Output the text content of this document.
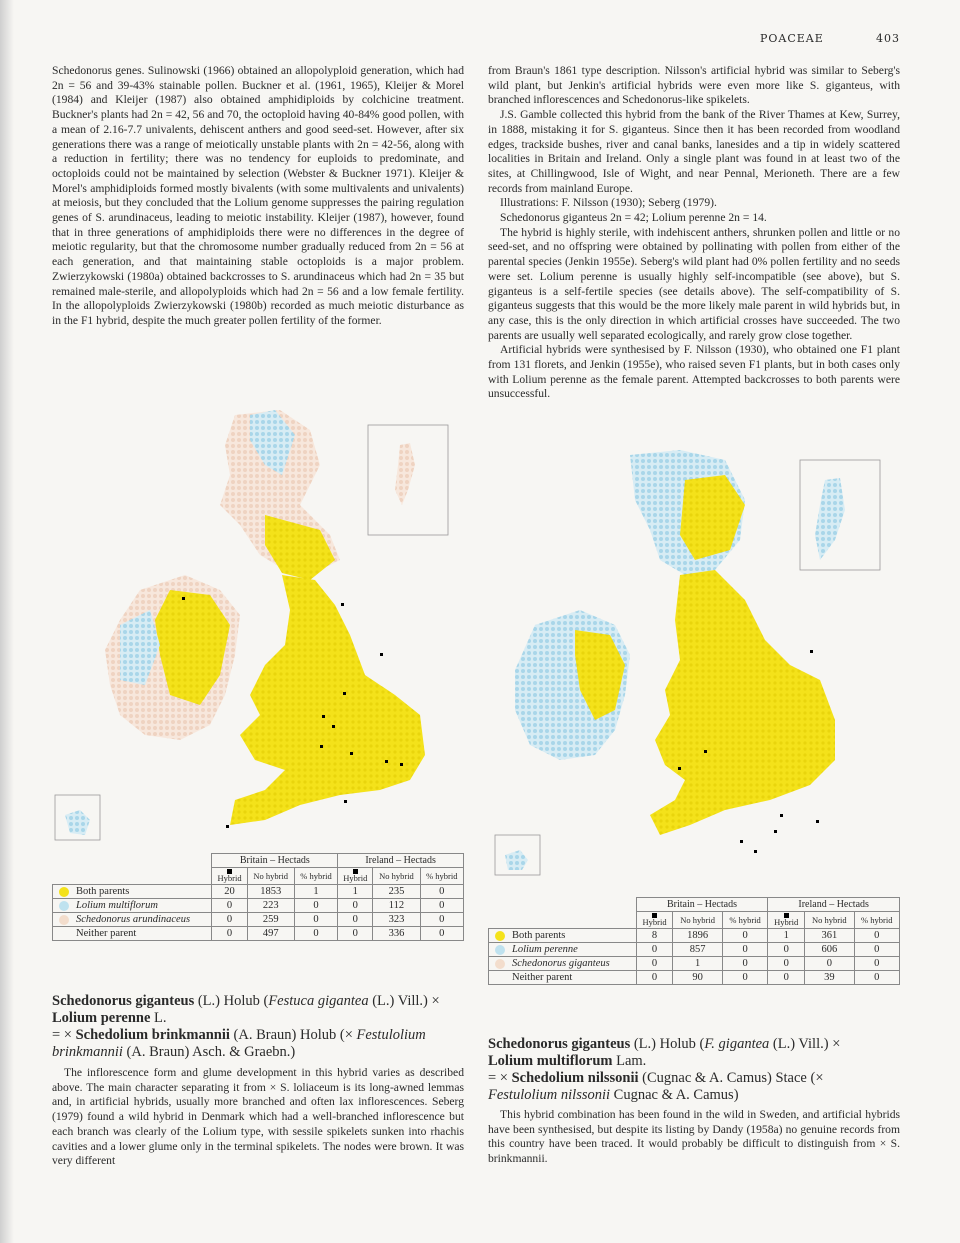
POACEAE	403

Schedonorus genes. Sulinowski (1966) obtained an allopolyploid generation, which had 2n = 56 and 39-43% stainable pollen. Buckner et al. (1961, 1965), Kleijer & Morel (1984) and Kleijer (1987) also obtained amphidiploids by colchicine treatment. Buckner's plants had 2n = 42, 56 and 70, the octoploid having 40-84% good pollen, with a mean of 2.16-7.7 univalents, dehiscent anthers and good seed-set. However, after six generations there was a range of meiotically unstable plants with 2n = 42-56, along with a reduction in fertility; there was no tendency for euploids to predominate, and octoploids could not be maintained by selection (Webster & Buckner 1971). Kleijer & Morel's amphidiploids formed mostly bivalents (with some multivalents and univalents) at meiosis, but they concluded that the Lolium genome suppresses the pairing regulation genes of S. arundinaceus, leading to meiotic instability. Kleijer (1987), however, found that in three generations of amphidiploids there were no differences in the degree of meiotic regularity, but that the chromosome number gradually reduced from 2n = 56 at each generation, and that maintaining stable octoploids is a major problem. Zwierzykowski (1980a) obtained backcrosses to S. arundinaceus which had 2n = 35 but remained male-sterile, and allopolyploids which had 2n = 56 and a low female fertility. In the allopolyploids Zwierzykowski (1980b) recorded as much meiotic disturbance as in the F1 hybrid, despite the much greater pollen fertility of the former.

from Braun's 1861 type description. Nilsson's artificial hybrid was similar to Seberg's wild plant, but Jenkin's artificial hybrids were even more like S. giganteus, with branched inflorescences and Schedonorus-like spikelets.

J.S. Gamble collected this hybrid from the bank of the River Thames at Kew, Surrey, in 1888, mistaking it for S. giganteus. Since then it has been recorded from woodland edges, trackside bushes, river and canal banks, lanesides and a tip in widely scattered localities in Britain and Ireland. Only a single plant was found in at least two of the sites, at Chillingwood, Isle of Wight, and near Pennal, Merioneth. There are a few records from mainland Europe.

Illustrations: F. Nilsson (1930); Seberg (1979).

Schedonorus giganteus 2n = 42; Lolium perenne 2n = 14.

The hybrid is highly sterile, with indehiscent anthers, shrunken pollen and little or no seed-set, and no offspring were obtained by pollinating with pollen from either of the parental species (Jenkin 1955e). Seberg's wild plant had 0% pollen fertility and no seeds were set. Lolium perenne is usually highly self-incompatible (see above), but S. giganteus is a self-fertile species (see details above). The self-compatibility of S. giganteus suggests that this would be the more likely male parent in wild hybrids but, in any case, this is the only direction in which artificial crosses have succeeded. The two parents are usually well separated ecologically, and rarely grow close together.

Artificial hybrids were synthesised by F. Nilsson (1930), who obtained one F1 plant from 131 florets, and Jenkin (1955e), who raised seven F1 plants, but in both cases only with Lolium perenne as the female parent. Attempted backcrosses to both parents were unsuccessful.

	Britain – Hectads			Ireland – Hectads		

Hybrid	No hybrid	% hybrid	Hybrid	No hybrid	% hybrid
Both parents	20	1853	1	1	235	0
Lolium multiflorum	0	223	0	0	112	0
Schedonorus arundinaceus	0	259	0	0	323	0
Neither parent	0	497	0	0	336	0
	Britain – Hectads			Ireland – Hectads		

Hybrid	No hybrid	% hybrid	Hybrid	No hybrid	% hybrid
Both parents	8	1896	0	1	361	0
Lolium perenne	0	857	0	0	606	0
Schedonorus giganteus	0	1	0	0	0	0
Neither parent	0	90	0	0	39	0
Schedonorus giganteus (L.) Holub (Festuca gigantea (L.) Vill.) ×
Lolium perenne L.
= × Schedolium brinkmannii (A. Braun) Holub (× Festulolium
brinkmannii (A. Braun) Asch. & Graebn.)

The inflorescence form and glume development in this hybrid varies as described above. The main character separating it from × S. loliaceum is its long-awned lemmas and, in artificial hybrids, usually more branched and often lax inflorescences. Seberg (1979) found a wild hybrid in Denmark which had a well-branched inflorescence but each branch was clearly of the Lolium type, with sessile spikelets sunken into rhachis cavities and a lower glume only in the terminal spikelets. The nodes were brown. It was very different

Schedonorus giganteus (L.) Holub (F. gigantea (L.) Vill.) ×
Lolium multiflorum Lam.
= × Schedolium nilssonii (Cugnac & A. Camus) Stace (×
Festulolium nilssonii Cugnac & A. Camus)

This hybrid combination has been found in the wild in Sweden, and artificial hybrids have been synthesised, but despite its listing by Dandy (1958a) no genuine records from this country have been traced. It would probably be difficult to distinguish from × S. brinkmannii.
